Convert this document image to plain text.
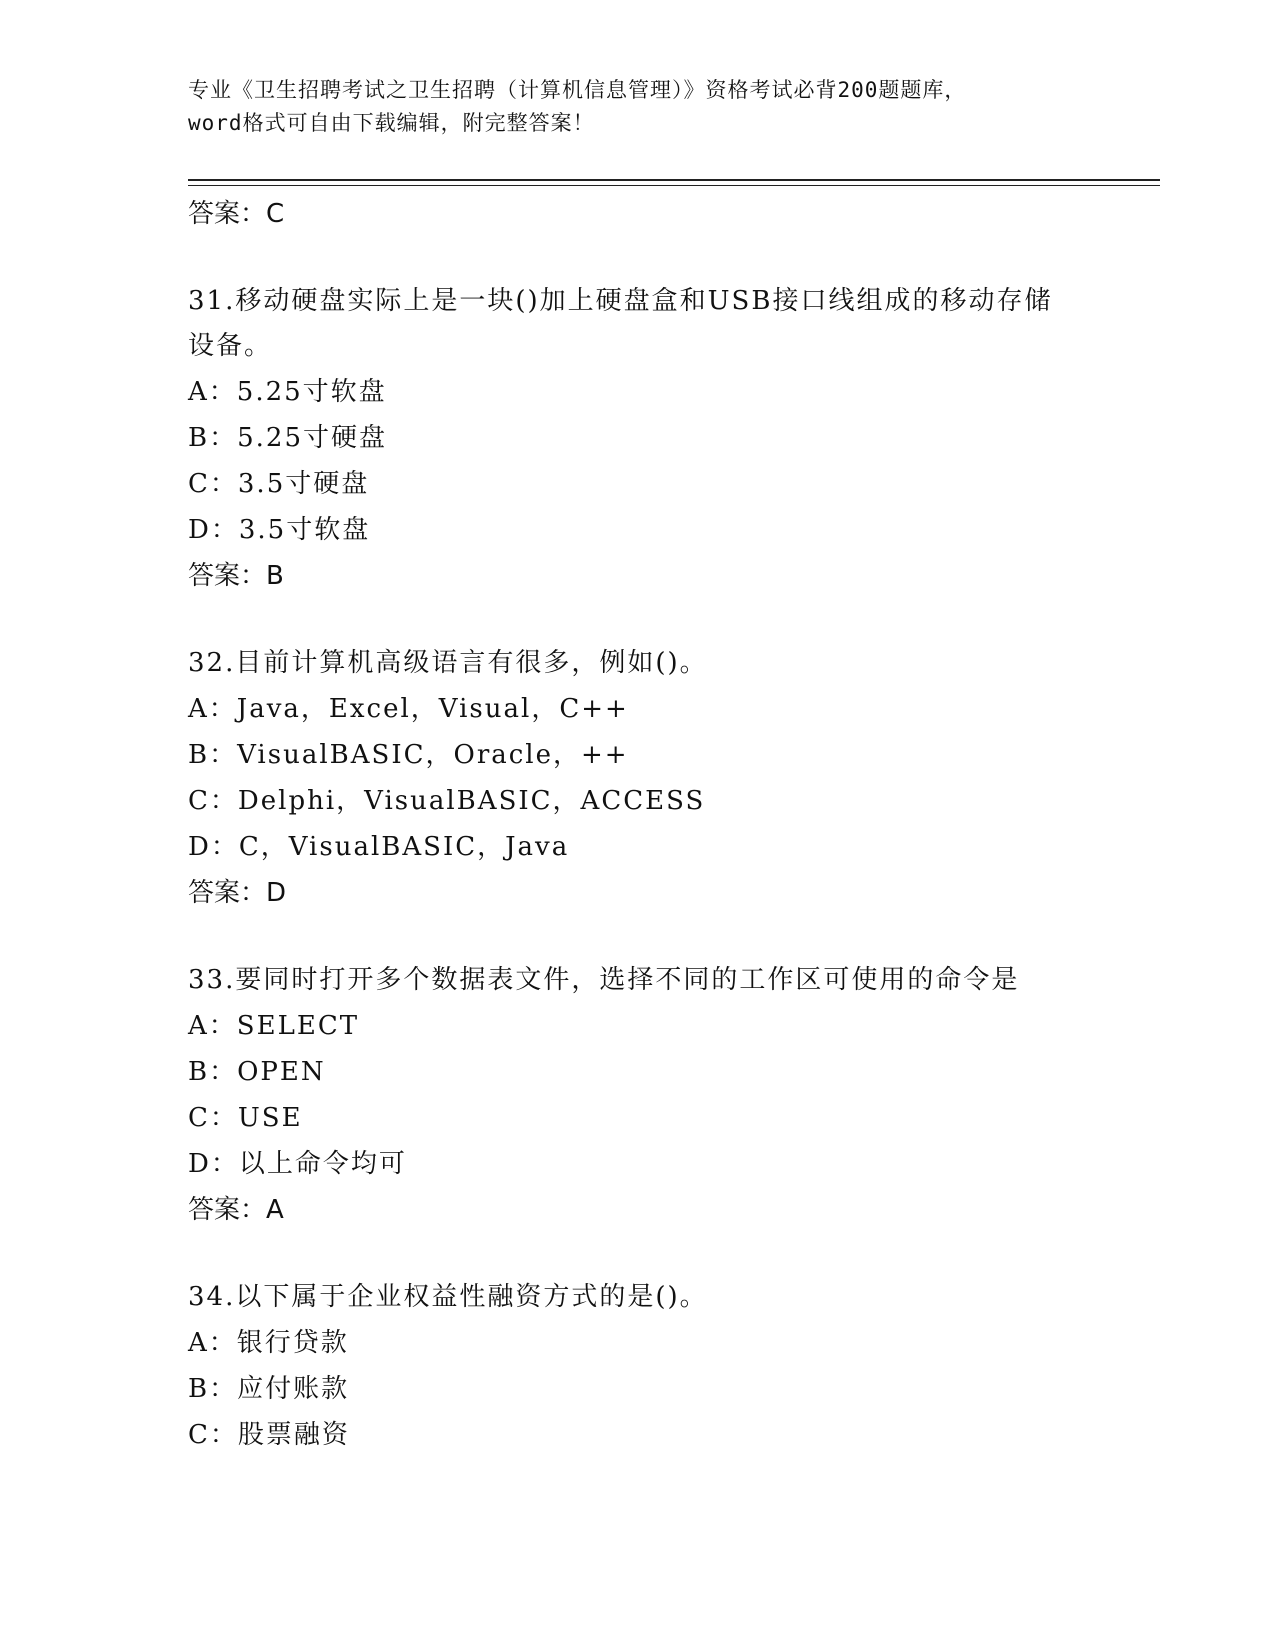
专业《卫生招聘考试之卫生招聘（计算机信息管理）》资格考试必背200题题库，
word格式可自由下载编辑，附完整答案！
答案：C
31.移动硬盘实际上是一块()加上硬盘盒和USB接口线组成的移动存储
设备。
A：5.25寸软盘
B：5.25寸硬盘
C：3.5寸硬盘
D：3.5寸软盘
答案：B
32.目前计算机高级语言有很多，例如()。
A：Java，Excel，Visual，C++
B：VisualBASIC，Oracle，++
C：Delphi，VisualBASIC，ACCESS
D：C，VisualBASIC，Java
答案：D
33.要同时打开多个数据表文件，选择不同的工作区可使用的命令是
A：SELECT
B：OPEN
C：USE
D：以上命令均可
答案：A
34.以下属于企业权益性融资方式的是()。
A：银行贷款
B：应付账款
C：股票融资
